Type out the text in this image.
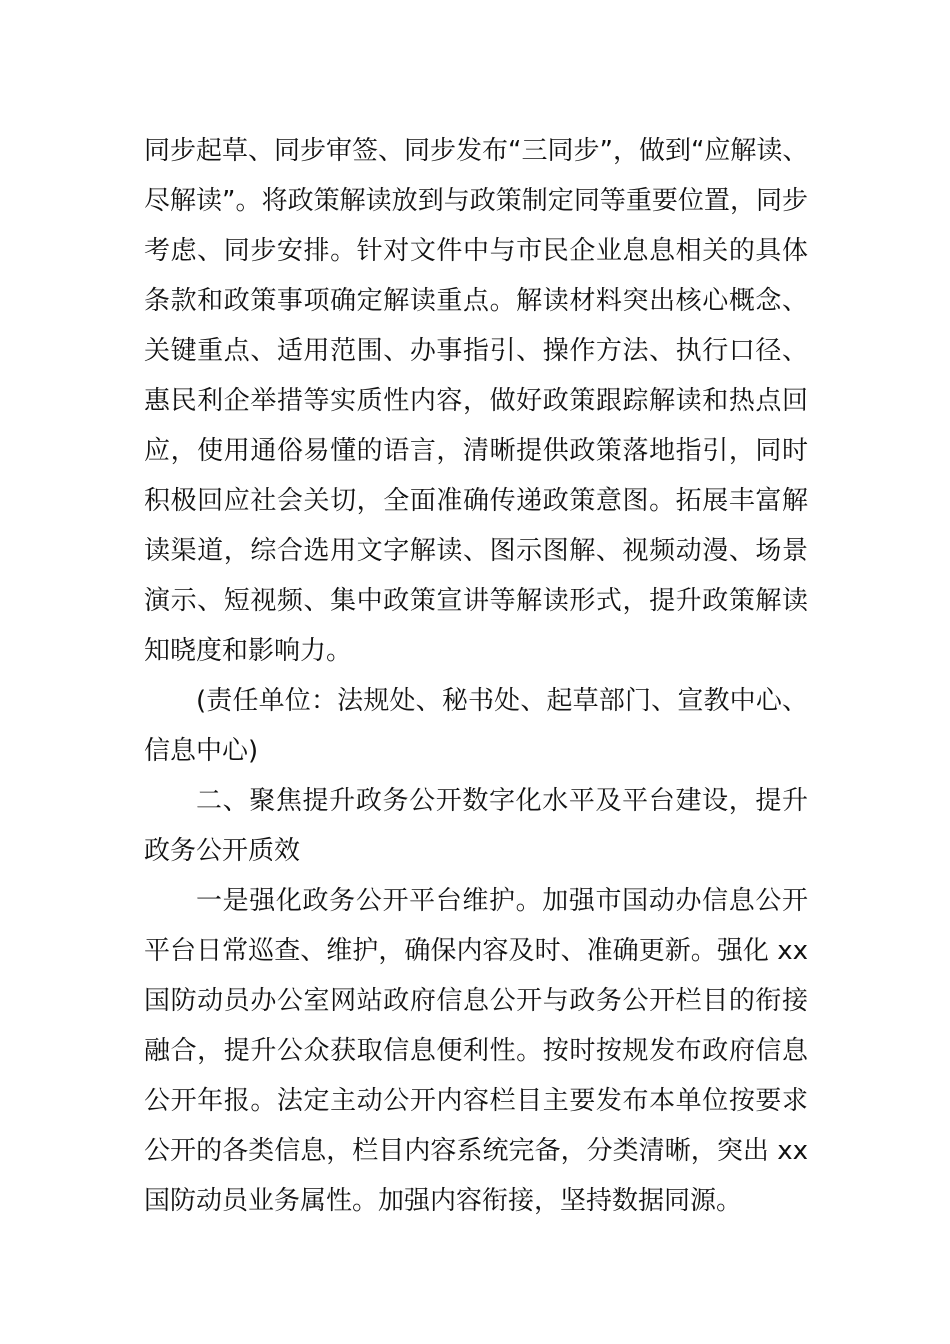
同步起草、同步审签、同步发布“三同步”，做到“应解读、
尽解读”。将政策解读放到与政策制定同等重要位置，同步
考虑、同步安排。针对文件中与市民企业息息相关的具体
条款和政策事项确定解读重点。解读材料突出核心概念、
关键重点、适用范围、办事指引、操作方法、执行口径、
惠民利企举措等实质性内容，做好政策跟踪解读和热点回
应，使用通俗易懂的语言，清晰提供政策落地指引，同时
积极回应社会关切，全面准确传递政策意图。拓展丰富解
读渠道，综合选用文字解读、图示图解、视频动漫、场景
演示、短视频、集中政策宣讲等解读形式，提升政策解读
知晓度和影响力。
(责任单位：法规处、秘书处、起草部门、宣教中心、
信息中心)
二、聚焦提升政务公开数字化水平及平台建设，提升
政务公开质效
一是强化政务公开平台维护。加强市国动办信息公开
平台日常巡查、维护，确保内容及时、准确更新。强化 xx
国防动员办公室网站政府信息公开与政务公开栏目的衔接
融合，提升公众获取信息便利性。按时按规发布政府信息
公开年报。法定主动公开内容栏目主要发布本单位按要求
公开的各类信息，栏目内容系统完备，分类清晰，突出 xx
国防动员业务属性。加强内容衔接，坚持数据同源。
